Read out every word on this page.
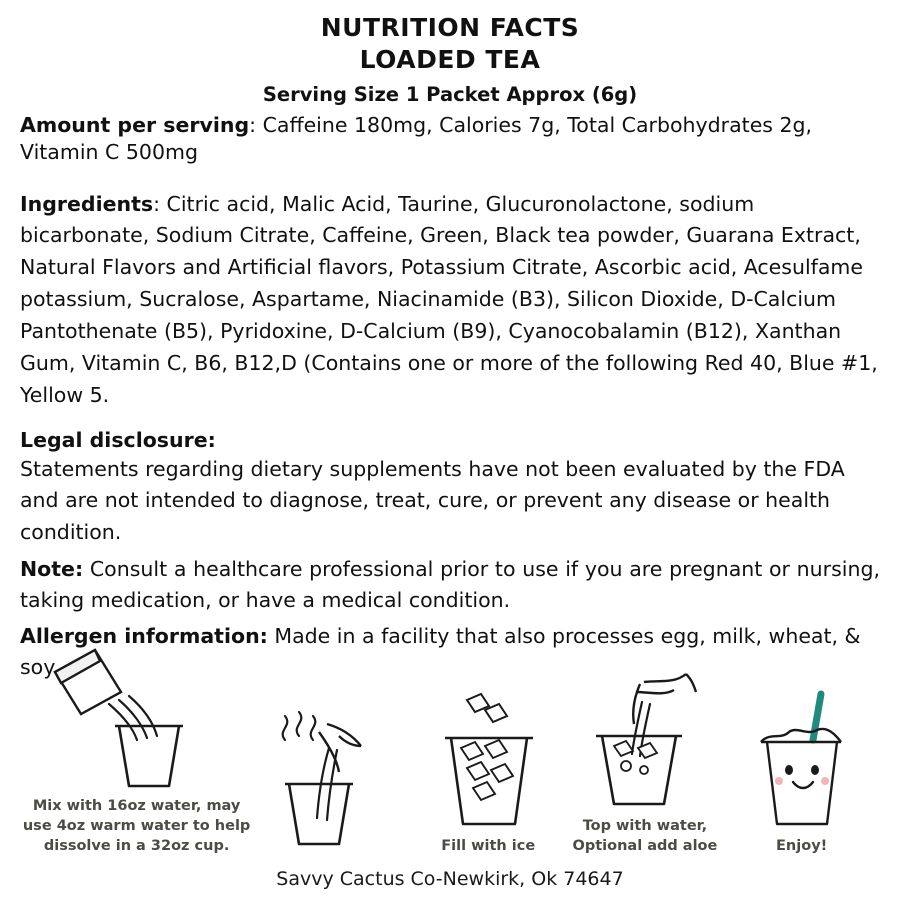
NUTRITION FACTS
LOADED TEA
Serving Size 1 Packet Approx (6g)
Amount per serving: Caffeine 180mg, Calories 7g, Total Carbohydrates 2g, Vitamin C 500mg
Ingredients: Citric acid, Malic Acid, Taurine, Glucuronolactone, sodium bicarbonate, Sodium Citrate, Caffeine, Green, Black tea powder, Guarana Extract, Natural Flavors and Artificial flavors, Potassium Citrate, Ascorbic acid, Acesulfame potassium, Sucralose, Aspartame, Niacinamide (B3), Silicon Dioxide, D-Calcium Pantothenate (B5), Pyridoxine, D-Calcium (B9), Cyanocobalamin (B12), Xanthan Gum, Vitamin C, B6, B12,D (Contains one or more of the following Red 40, Blue #1, Yellow 5.
Legal disclosure:
Statements regarding dietary supplements have not been evaluated by the FDA and are not intended to diagnose, treat, cure, or prevent any disease or health condition.
Note: Consult a healthcare professional prior to use if you are pregnant or nursing, taking medication, or have a medical condition.
Allergen information: Made in a facility that also processes egg, milk, wheat, & soy
Mix with 16oz water, may use 4oz warm water to help dissolve in a 32oz cup.	Fill with ice
Top with water, Optional add aloe	Enjoy!
Savvy Cactus Co-Newkirk, Ok 74647
